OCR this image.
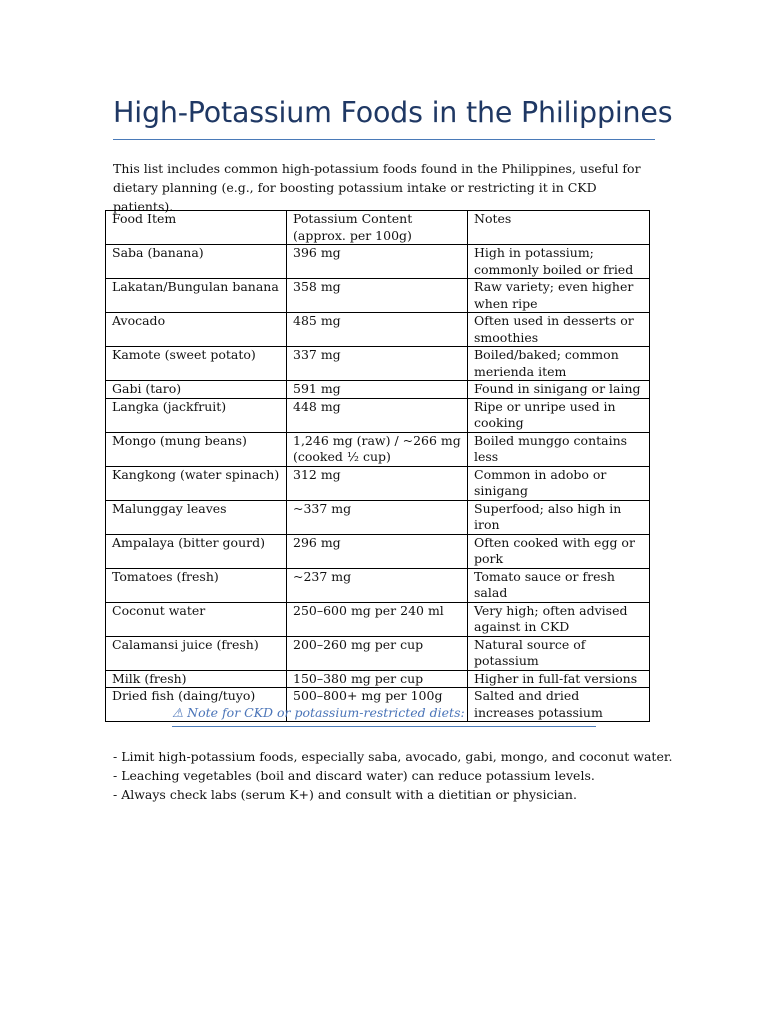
High-Potassium Foods in the Philippines

This list includes common high-potassium foods found in the Philippines, useful for dietary planning (e.g., for boosting potassium intake or restricting it in CKD patients).

Food Item	Potassium Content (approx. per 100g)	Notes
Saba (banana)	396 mg	High in potassium; commonly boiled or fried
Lakatan/Bungulan banana	358 mg	Raw variety; even higher when ripe
Avocado	485 mg	Often used in desserts or smoothies
Kamote (sweet potato)	337 mg	Boiled/baked; common merienda item
Gabi (taro)	591 mg	Found in sinigang or laing
Langka (jackfruit)	448 mg	Ripe or unripe used in cooking
Mongo (mung beans)	1,246 mg (raw) / ~266 mg (cooked ½ cup)	Boiled munggo contains less
Kangkong (water spinach)	312 mg	Common in adobo or sinigang
Malunggay leaves	~337 mg	Superfood; also high in iron
Ampalaya (bitter gourd)	296 mg	Often cooked with egg or pork
Tomatoes (fresh)	~237 mg	Tomato sauce or fresh salad
Coconut water	250–600 mg per 240 ml	Very high; often advised against in CKD
Calamansi juice (fresh)	200–260 mg per cup	Natural source of potassium
Milk (fresh)	150–380 mg per cup	Higher in full-fat versions
Dried fish (daing/tuyo)	500–800+ mg per 100g	Salted and dried increases potassium
⚠ Note for CKD or potassium-restricted diets:
- Limit high-potassium foods, especially saba, avocado, gabi, mongo, and coconut water.
- Leaching vegetables (boil and discard water) can reduce potassium levels.
- Always check labs (serum K+) and consult with a dietitian or physician.
